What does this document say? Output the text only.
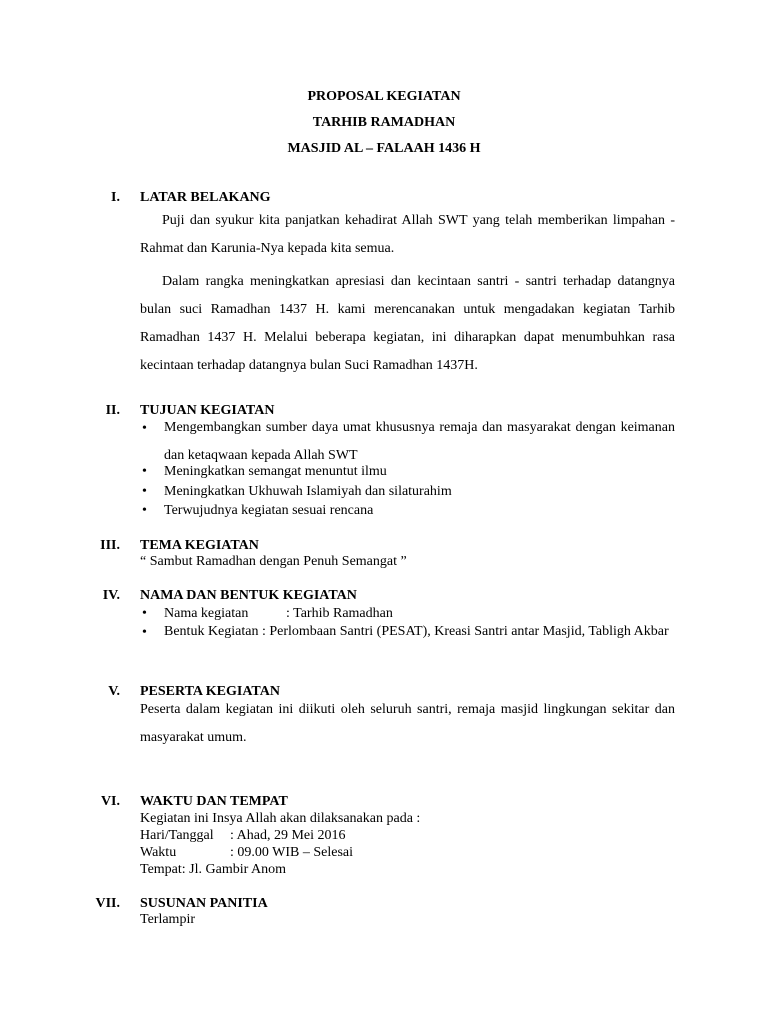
PROPOSAL KEGIATAN
TARHIB RAMADHAN
MASJID AL – FALAAH 1436 H
I. LATAR BELAKANG
Puji dan syukur kita panjatkan kehadirat Allah SWT yang telah memberikan limpahan -Rahmat dan Karunia-Nya kepada kita semua.
Dalam rangka meningkatkan apresiasi dan kecintaan santri - santri terhadap datangnya bulan suci Ramadhan 1437 H. kami merencanakan untuk mengadakan kegiatan Tarhib Ramadhan 1437 H. Melalui beberapa kegiatan, ini diharapkan dapat menumbuhkan rasa kecintaan terhadap datangnya bulan Suci Ramadhan 1437H.
II. TUJUAN KEGIATAN
• Mengembangkan sumber daya umat khususnya remaja dan masyarakat dengan keimanan dan ketaqwaan kepada Allah SWT
• Meningkatkan semangat menuntut ilmu
• Meningkatkan Ukhuwah Islamiyah dan silaturahim
• Terwujudnya kegiatan sesuai rencana
III. TEMA KEGIATAN
“ Sambut Ramadhan dengan Penuh Semangat ”
IV. NAMA DAN BENTUK KEGIATAN
• Nama kegiatan	: Tarhib Ramadhan
• Bentuk Kegiatan : Perlombaan Santri (PESAT), Kreasi Santri antar Masjid, Tabligh Akbar
V. PESERTA KEGIATAN
Peserta dalam kegiatan ini diikuti oleh seluruh santri, remaja masjid lingkungan sekitar dan masyarakat umum.
VI. WAKTU DAN TEMPAT
Kegiatan ini Insya Allah akan dilaksanakan pada :
Hari/Tanggal : Ahad, 29 Mei 2016
Waktu	: 09.00 WIB – Selesai
Tempat: Jl. Gambir Anom
VII. SUSUNAN PANITIA
Terlampir
